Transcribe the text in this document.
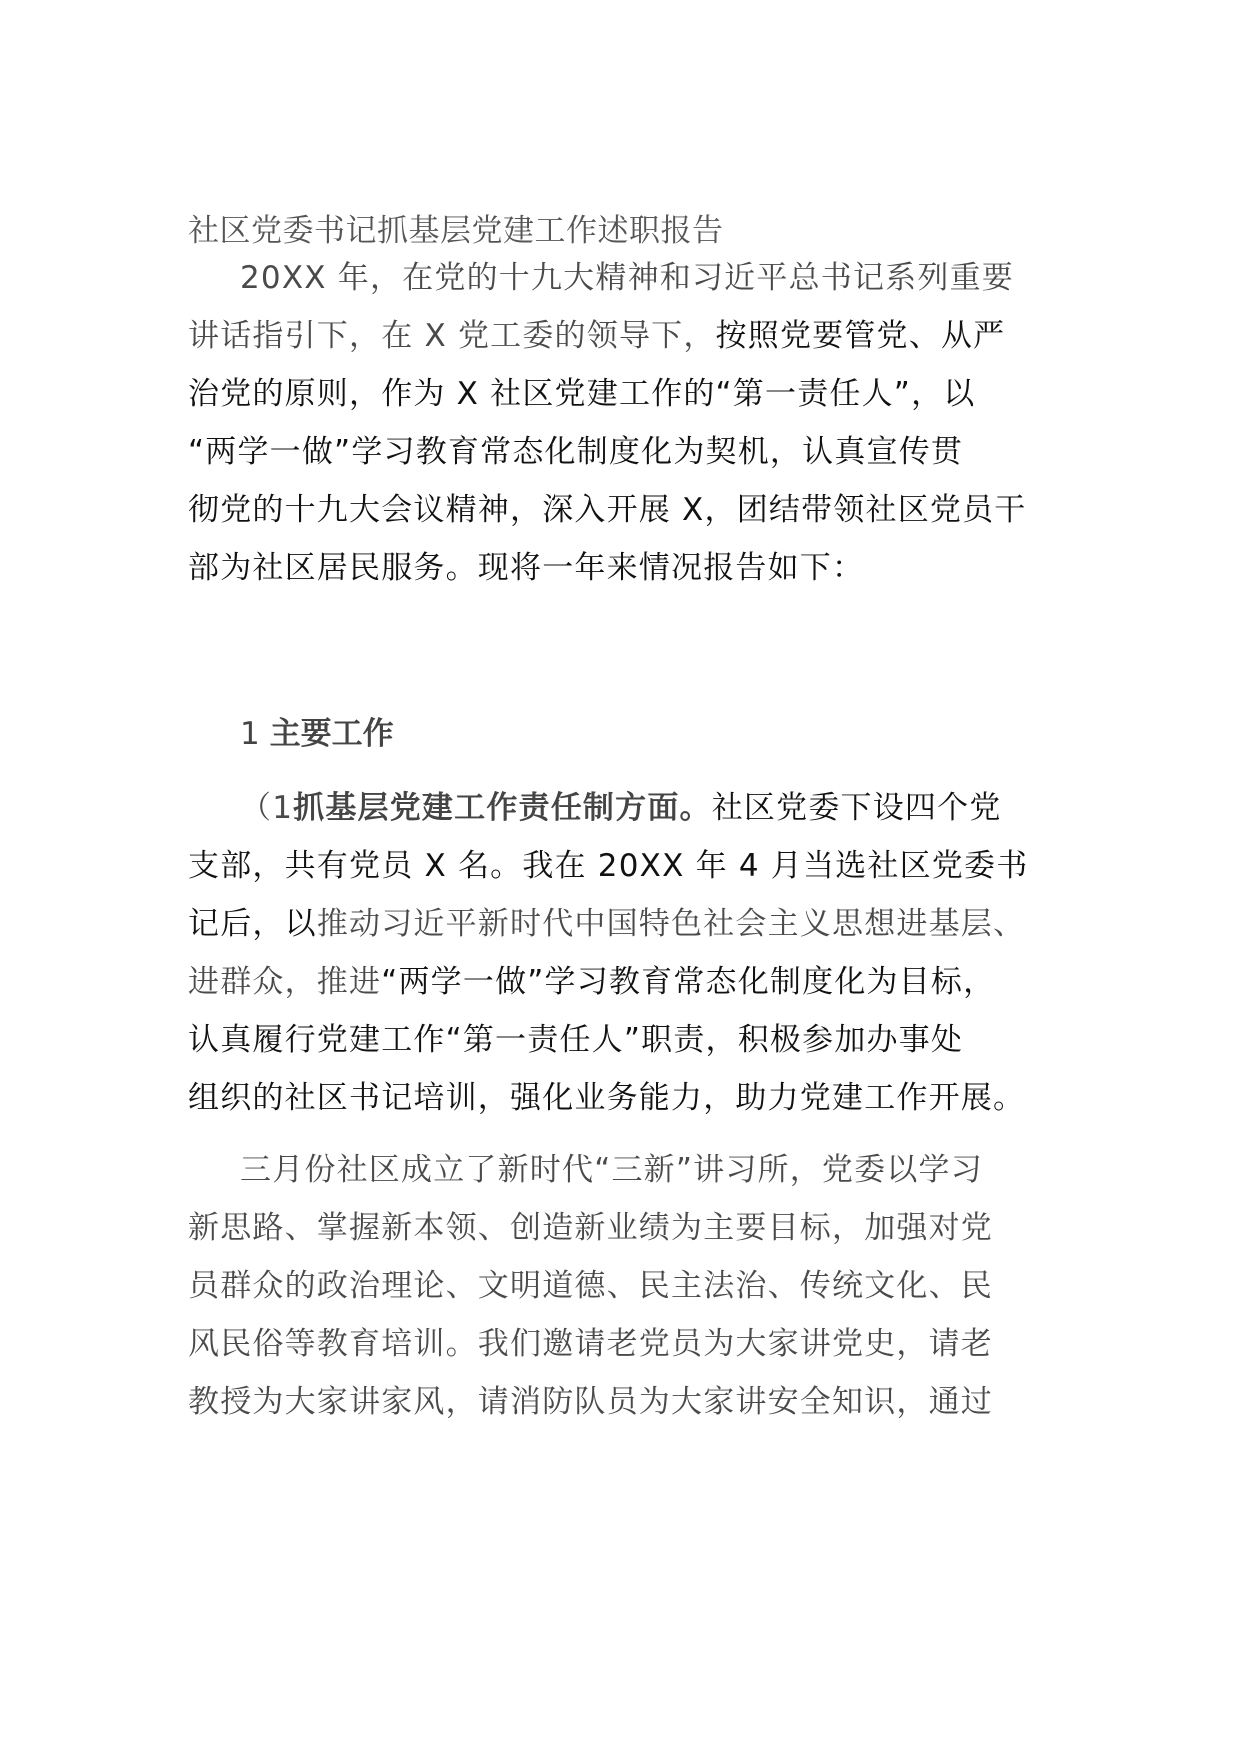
社区党委书记抓基层党建工作述职报告
20XX 年，在党的十九大精神和习近平总书记系列重要
讲话指引下，在 X 党工委的领导下，按照党要管党、从严
治党的原则，作为 X 社区党建工作的“第一责任人”，以
“两学一做”学习教育常态化制度化为契机，认真宣传贯
彻党的十九大会议精神，深入开展 X，团结带领社区党员干
部为社区居民服务。现将一年来情况报告如下：
1 主要工作
（1抓基层党建工作责任制方面。社区党委下设四个党
支部，共有党员 X 名。我在 20XX 年 4 月当选社区党委书
记后，以推动习近平新时代中国特色社会主义思想进基层、
进群众，推进“两学一做”学习教育常态化制度化为目标，
认真履行党建工作“第一责任人”职责，积极参加办事处
组织的社区书记培训，强化业务能力，助力党建工作开展。
三月份社区成立了新时代“三新”讲习所，党委以学习
新思路、掌握新本领、创造新业绩为主要目标，加强对党
员群众的政治理论、文明道德、民主法治、传统文化、民
风民俗等教育培训。我们邀请老党员为大家讲党史，请老
教授为大家讲家风，请消防队员为大家讲安全知识，通过
